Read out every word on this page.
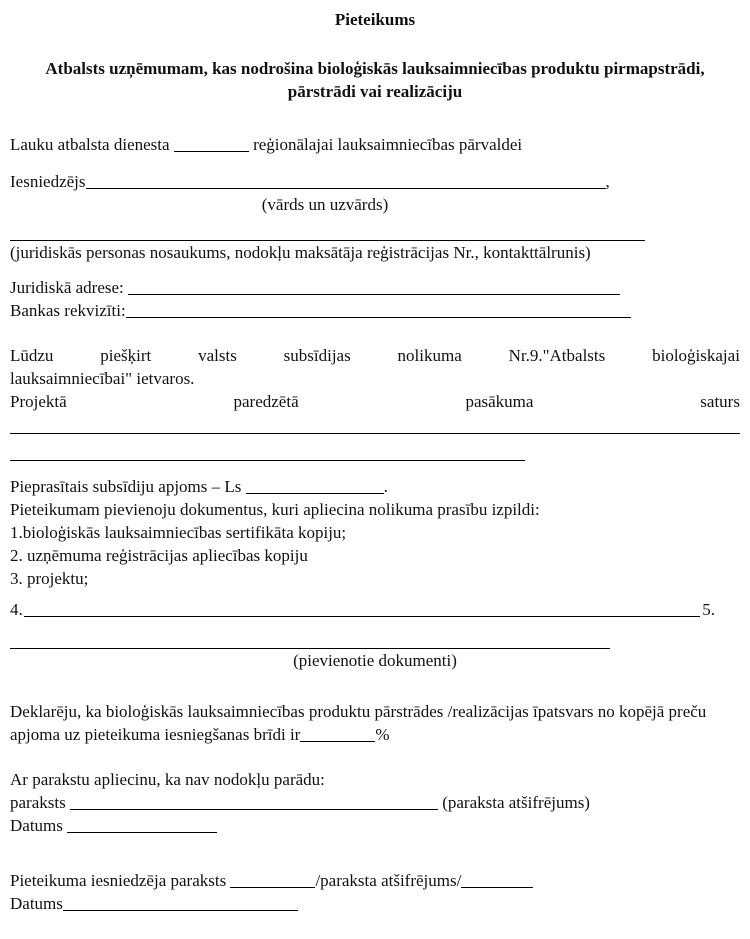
Pieteikums
Atbalsts uzņēmumam, kas nodrošina bioloģiskās lauksaimniecības produktu pirmapstrādi, pārstrādi vai realizāciju

Lauku atbalsta dienesta	reģionālajai lauksaimniecības pārvaldei

Iesniedzējs	,

(vārds un uzvārds)
(juridiskās personas nosaukums, nodokļu maksātāja reģistrācijas Nr., kontakttālrunis)

Juridiskā adrese:

Bankas rekvizīti:

Lūdzu	piešķirt	valsts	subsīdijas	nolikuma	Nr.9."Atbalsts	bioloģiskajai
lauksaimniecībai" ietvaros.
Projektā	paredzētā	pasākuma	saturs

Pieprasītais subsīdiju apjoms – Ls	.

Pieteikumam pievienoju dokumentus, kuri apliecina nolikuma prasību izpildi:
1.bioloģiskās lauksaimniecības sertifikāta kopiju;
2. uzņēmuma reģistrācijas apliecības kopiju
3. projektu;
4.	5.
(pievienotie dokumenti)

Deklarēju, ka bioloģiskās lauksaimniecības produktu pārstrādes /realizācijas īpatsvars no kopējā preču apjoma uz pieteikuma iesniegšanas brīdi ir	%

Ar parakstu apliecinu, ka nav nodokļu parādu:

paraksts	(paraksta atšifrējums)

Datums

Pieteikuma iesniedzēja paraksts	/paraksta atšifrējums/

Datums
